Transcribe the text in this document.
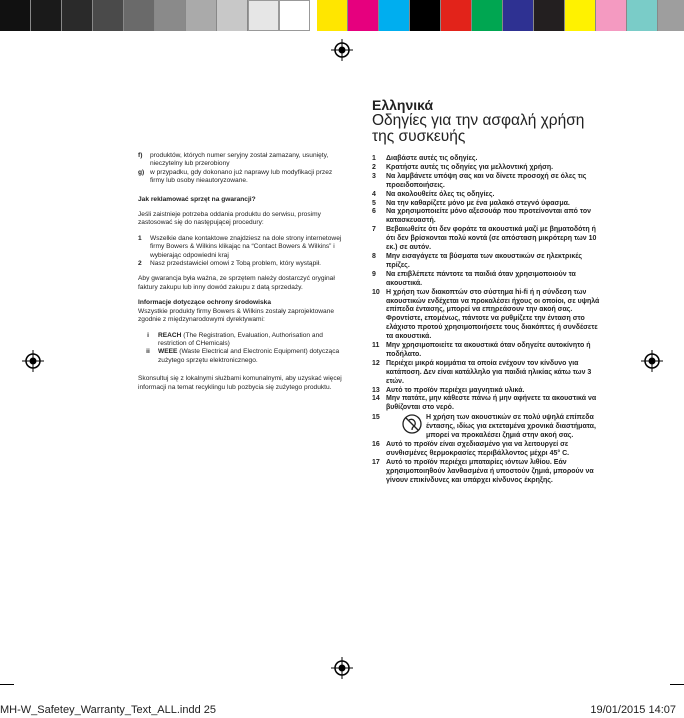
f)	produktów, których numer seryjny został zamazany, usunięty, nieczytelny lub przerobiony
g) w przypadku, gdy dokonano już naprawy lub modyfikacji przez firmy lub osoby nieautoryzowane.
Jak reklamować sprzęt na gwarancji?
Jeśli zaistnieje potrzeba oddania produktu do serwisu, prosimy zastosować się do następującej procedury:
1	Wszelkie dane kontaktowe znajdziesz na dole strony internetowej firmy Bowers & Wilkins klikając na “Contact Bowers & Wilkins” i wybierając odpowiedni kraj
2	Nasz przedstawiciel omowi z Tobą problem, który wystąpił.
Aby gwarancja była ważna, ze sprzętem należy dostarczyć oryginał faktury zakupu lub inny dowód zakupu z datą sprzedaży.
Informacje dotyczące ochrony środowiska
Wszystkie produkty firmy Bowers & Wilkins zostały zaprojektowane zgodnie z międzynarodowymi dyrektywami:
i	REACH (The Registration, Evaluation, Authorisation and restriction of CHemicals)
ii	WEEE (Waste Electrical and Electronic Equipment) dotycząca zużytego sprzętu elektronicznego.
Skonsultuj się z lokalnymi służbami komunalnymi, aby uzyskać więcej informacji na temat recyklingu lub pozbycia się zużytego produktu.
Ελληνικά
Οδηγίες για την ασφαλή χρήση της συσκευής
1	Διαβάστε αυτές τις οδηγίες.
2	Κρατήστε αυτές τις οδηγίες για μελλοντική χρήση.
3	Να λαμβάνετε υπόψη σας και να δίνετε προσοχή σε όλες τις προειδοποιήσεις.
4	Να ακολουθείτε όλες τις οδηγίες.
5	Να την καθαρίζετε μόνο με ένα μαλακό στεγνό ύφασμα.
6	Να χρησιμοποιείτε μόνο αξεσουάρ που προτείνονται από τον κατασκευαστή.
7	Βεβαιωθείτε ότι δεν φοράτε τα ακουστικά μαζί με βηματοδότη ή ότι δεν βρίσκονται πολύ κοντά (σε απόσταση μικρότερη των 10 εκ.) σε αυτόν.
8	Μην εισαγάγετε τα βύσματα των ακουστικών σε ηλεκτρικές πρίζες.
9	Να επιβλέπετε πάντοτε τα παιδιά όταν χρησιμοποιούν τα ακουστικά.
10 Η χρήση των διακοπτών στο σύστημα hi-fi ή η σύνδεση των ακουστικών ενδέχεται να προκαλέσει ήχους οι οποίοι, σε υψηλά επίπεδα έντασης, μπορεί να επηρεάσουν την ακοή σας. Φροντίστε, επομένως, πάντοτε να ρυθμίζετε την ένταση στο ελάχιστο προτού χρησιμοποιήσετε τους διακόπτες ή συνδέσετε τα ακουστικά.
11 Μην χρησιμοποιείτε τα ακουστικά όταν οδηγείτε αυτοκίνητο ή ποδήλατο.
12 Περιέχει μικρά κομμάτια τα οποία ενέχουν τον κίνδυνο για κατάποση. Δεν είναι κατάλληλο για παιδιά ηλικίας κάτω των 3 ετών.
13 Αυτό το προϊόν περιέχει μαγνητικά υλικά.
14 Μην πατάτε, μην κάθεστε πάνω ή μην αφήνετε τα ακουστικά να βυθίζονται στο νερό.
15	Η χρήση των ακουστικών σε πολύ υψηλά επίπεδα έντασης, ιδίως για εκτεταμένα χρονικά διαστήματα, μπορεί να προκαλέσει ζημιά στην ακοή σας.
16 Αυτό το προϊόν είναι σχεδιασμένο για να λειτουργεί σε συνθισμένες θερμοκρασίες περιβάλλοντος μέχρι 45° C.
17 Αυτό το προϊόν περιέχει μπαταρίες ιόντων λιθίου. Εάν χρησιμοποιηθούν λανθασμένα ή υποστούν ζημιά, μπορούν να γίνουν επικίνδυνες και υπάρχει κίνδυνος έκρηξης.
MH-W_Safetey_Warranty_Text_ALL.indd 25	19/01/2015 14:07
